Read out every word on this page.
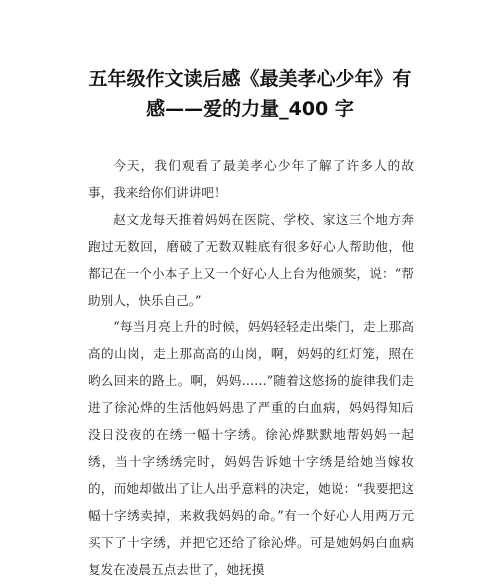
五年级作文读后感《最美孝心少年》有
感——爱的力量_400 字

今天，我们观看了最美孝心少年了解了许多人的故事，我来给你们讲讲吧！

赵文龙每天推着妈妈在医院、学校、家这三个地方奔跑过无数回，磨破了无数双鞋底有很多好心人帮助他，他都记在一个小本子上又一个好心人上台为他颁奖，说：“帮助别人，快乐自己。”

“每当月亮上升的时候，妈妈轻轻走出柴门，走上那高高的山岗，走上那高高的山岗，啊，妈妈的红灯笼，照在哟么回来的路上。啊，妈妈……”随着这悠扬的旋律我们走进了徐沁烨的生活他妈妈患了严重的白血病，妈妈得知后没日没夜的在绣一幅十字绣。徐沁烨默默地帮妈妈一起绣，当十字绣绣完时，妈妈告诉她十字绣是给她当嫁妆的，而她却做出了让人出乎意料的决定，她说：“我要把这幅十字绣卖掉，来救我妈妈的命。”有一个好心人用两万元买下了十字绣，并把它还给了徐沁烨。可是她妈妈白血病复发在凌晨五点去世了，她抚摸
